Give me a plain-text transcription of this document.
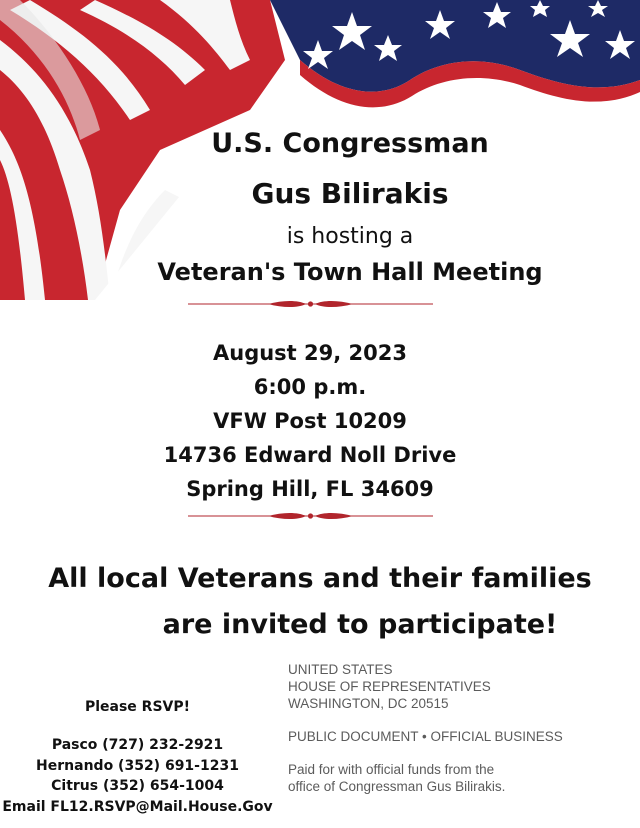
U.S. Congressman
Gus Bilirakis
is hosting a
Veteran's Town Hall Meeting
August 29, 2023
6:00 p.m.
VFW Post 10209
14736 Edward Noll Drive
Spring Hill, FL 34609
All local Veterans and their families
are invited to participate!
Please RSVP!
Pasco (727) 232-2921
Hernando (352) 691-1231
Citrus (352) 654-1004
Email FL12.RSVP@Mail.House.Gov
UNITED STATES
HOUSE OF REPRESENTATIVES
WASHINGTON, DC 20515
PUBLIC DOCUMENT • OFFICIAL BUSINESS
Paid for with official funds from the
office of Congressman Gus Bilirakis.
